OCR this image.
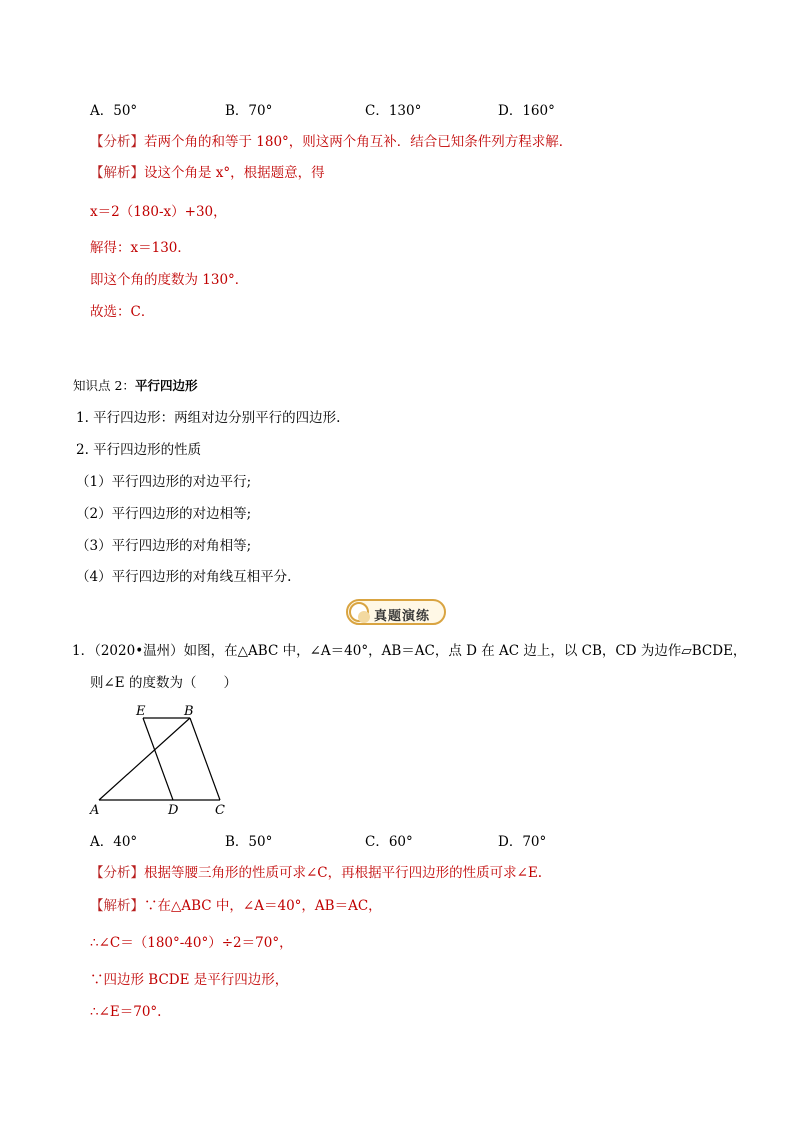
A．50°	B．70°	C．130°	D．160°
【分析】若两个角的和等于 180°，则这两个角互补．结合已知条件列方程求解．
【解析】设这个角是 x°，根据题意，得
x＝2（180-x）+30，
解得：x＝130．
即这个角的度数为 130°．
故选：C．
知识点 2：平行四边形
1. 平行四边形：两组对边分别平行的四边形.
2. 平行四边形的性质
（1）平行四边形的对边平行;
（2）平行四边形的对边相等;
（3）平行四边形的对角相等;
（4）平行四边形的对角线互相平分.
真题演练
1．（2020•温州）如图，在△ABC 中，∠A＝40°，AB＝AC，点 D 在 AC 边上，以 CB，CD 为边作▱BCDE，
则∠E 的度数为（　　）
E	B
A	D	C
A．40°	B．50°	C．60°	D．70°
【分析】根据等腰三角形的性质可求∠C，再根据平行四边形的性质可求∠E.
【解析】∵在△ABC 中，∠A＝40°，AB＝AC，
∴∠C＝（180°-40°）÷2＝70°，
∵四边形 BCDE 是平行四边形，
∴∠E＝70°.
